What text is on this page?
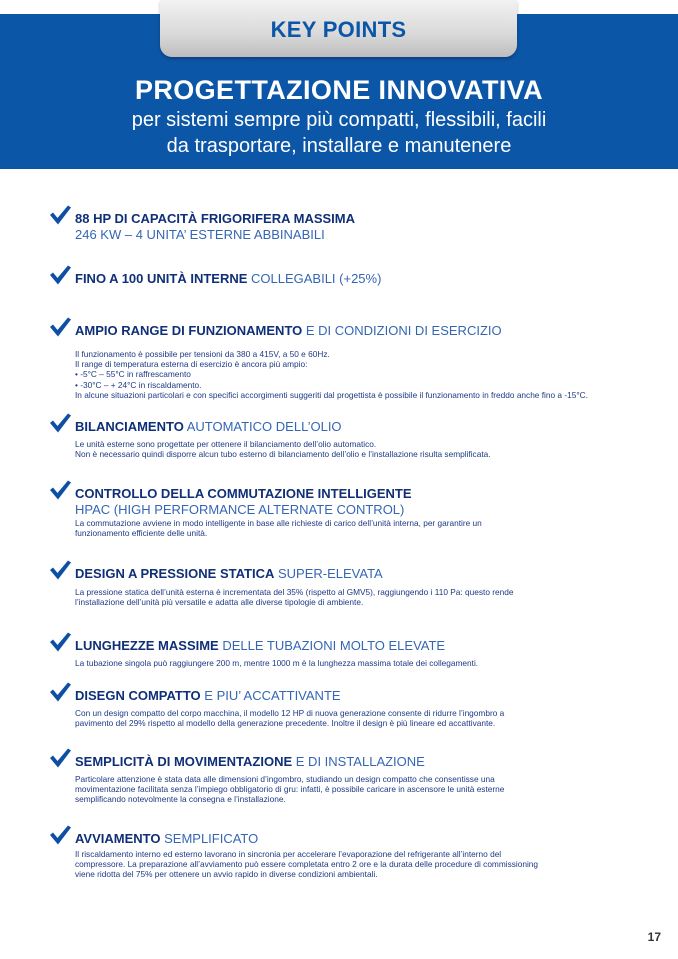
KEY POINTS
PROGETTAZIONE INNOVATIVA
per sistemi sempre più compatti, flessibili, facili
da trasportare, installare e manutenere
88 HP DI CAPACITÀ FRIGORIFERA MASSIMA
246 KW – 4 UNITA’ ESTERNE ABBINABILI
FINO A 100 UNITÀ INTERNE COLLEGABILI (+25%)
AMPIO RANGE DI FUNZIONAMENTO E DI CONDIZIONI DI ESERCIZIO
Il funzionamento è possibile per tensioni da 380 a 415V, a 50 e 60Hz.
Il range di temperatura esterna di esercizio è ancora più ampio:
• -5°C – 55°C in raffrescamento
• -30°C – + 24°C in riscaldamento.
In alcune situazioni particolari e con specifici accorgimenti suggeriti dal progettista è possibile il funzionamento in freddo anche fino a -15°C.
BILANCIAMENTO AUTOMATICO DELL’OLIO
Le unità esterne sono progettate per ottenere il bilanciamento dell’olio automatico.
Non è necessario quindi disporre alcun tubo esterno di bilanciamento dell’olio e l’installazione risulta semplificata.
CONTROLLO DELLA COMMUTAZIONE INTELLIGENTE
HPAC (HIGH PERFORMANCE ALTERNATE CONTROL)
La commutazione avviene in modo intelligente in base alle richieste di carico dell’unità interna, per garantire un
funzionamento efficiente delle unità.
DESIGN A PRESSIONE STATICA SUPER-ELEVATA
La pressione statica dell’unità esterna è incrementata del 35% (rispetto al GMV5), raggiungendo i 110 Pa: questo rende
l’installazione dell’unità più versatile e adatta alle diverse tipologie di ambiente.
LUNGHEZZE MASSIME DELLE TUBAZIONI MOLTO ELEVATE
La tubazione singola può raggiungere 200 m, mentre 1000 m è la lunghezza massima totale dei collegamenti.
DISEGN COMPATTO E PIU’ ACCATTIVANTE
Con un design compatto del corpo macchina, il modello 12 HP di nuova generazione consente di ridurre l’ingombro a
pavimento del 29% rispetto al modello della generazione precedente. Inoltre il design è più lineare ed accattivante.
SEMPLICITÀ DI MOVIMENTAZIONE E DI INSTALLAZIONE
Particolare attenzione è stata data alle dimensioni d’ingombro, studiando un design compatto che consentisse una
movimentazione facilitata senza l’impiego obbligatorio di gru: infatti, è possibile caricare in ascensore le unità esterne
semplificando notevolmente la consegna e l’installazione.
AVVIAMENTO SEMPLIFICATO
Il riscaldamento interno ed esterno lavorano in sincronia per accelerare l’evaporazione del refrigerante all’interno del
compressore. La preparazione all’avviamento può essere completata entro 2 ore e la durata delle procedure di commissioning
viene ridotta del 75% per ottenere un avvio rapido in diverse condizioni ambientali.
17
